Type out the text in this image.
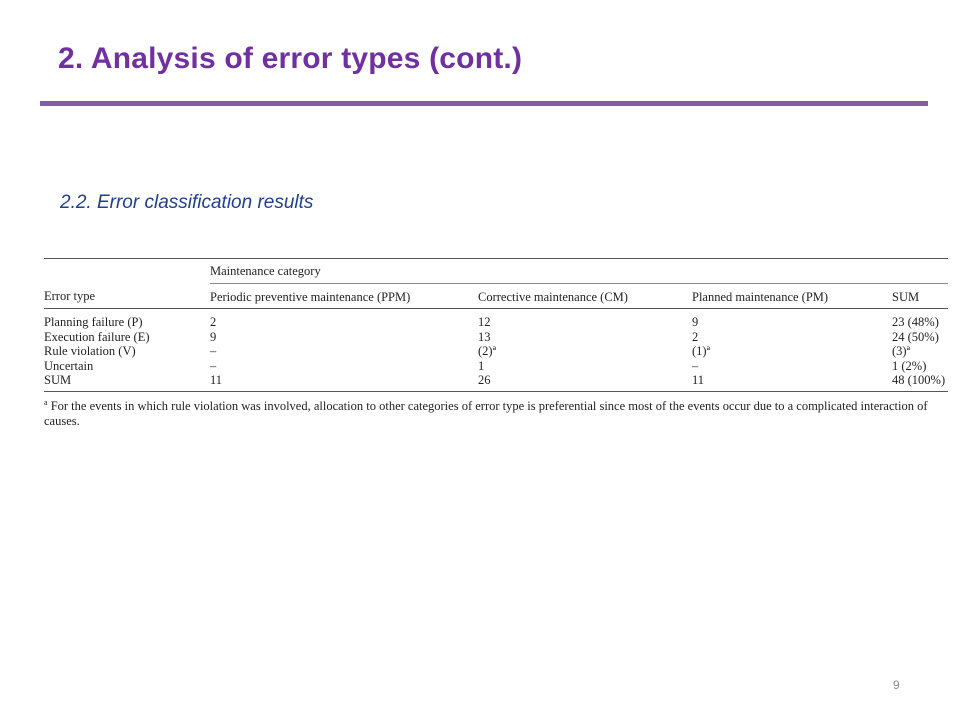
2. Analysis of error types (cont.)
2.2. Error classification results
	Maintenance category			
Error type	Periodic preventive maintenance (PPM)	Corrective maintenance (CM)	Planned maintenance (PM)	SUM
Planning failure (P)	2	12	9	23 (48%)
Execution failure (E)	9	13	2	24 (50%)
Rule violation (V)	–	(2)ª	(1)ª	(3)ª
Uncertain	–	1	–	1 (2%)
SUM	11	26	11	48 (100%)
$^a$ For the events in which rule violation was involved, allocation to other categories of error type is preferential since most of the events occur due to a complicated interaction of causes.
9
